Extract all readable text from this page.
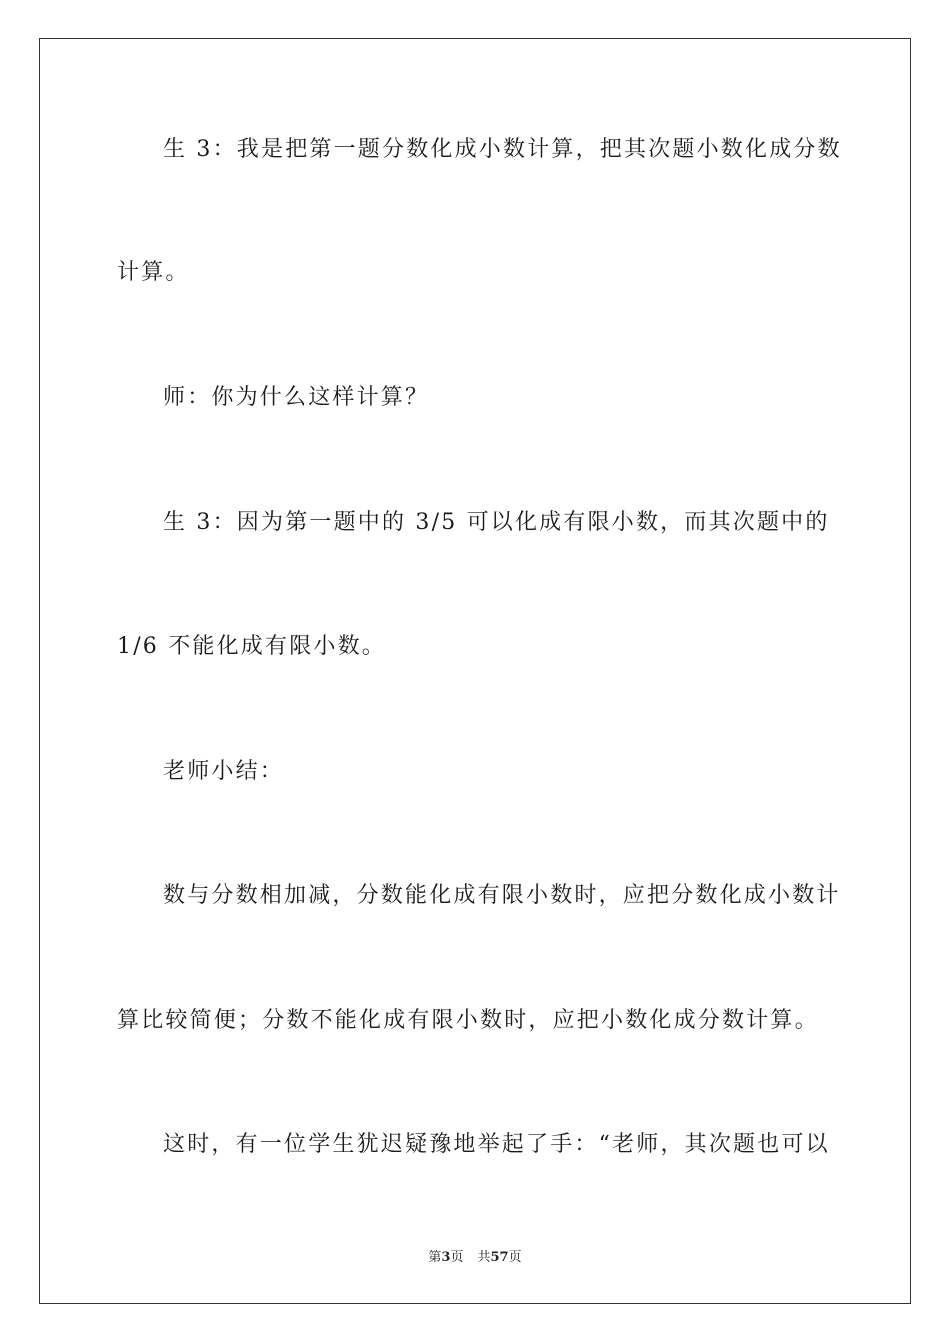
生 3：我是把第一题分数化成小数计算，把其次题小数化成分数

计算。

师：你为什么这样计算？

生 3：因为第一题中的 3/5 可以化成有限小数，而其次题中的

1/6 不能化成有限小数。

老师小结：

数与分数相加减，分数能化成有限小数时，应把分数化成小数计

算比较简便；分数不能化成有限小数时，应把小数化成分数计算。

这时，有一位学生犹迟疑豫地举起了手：“老师，其次题也可以

第3页 共57页
